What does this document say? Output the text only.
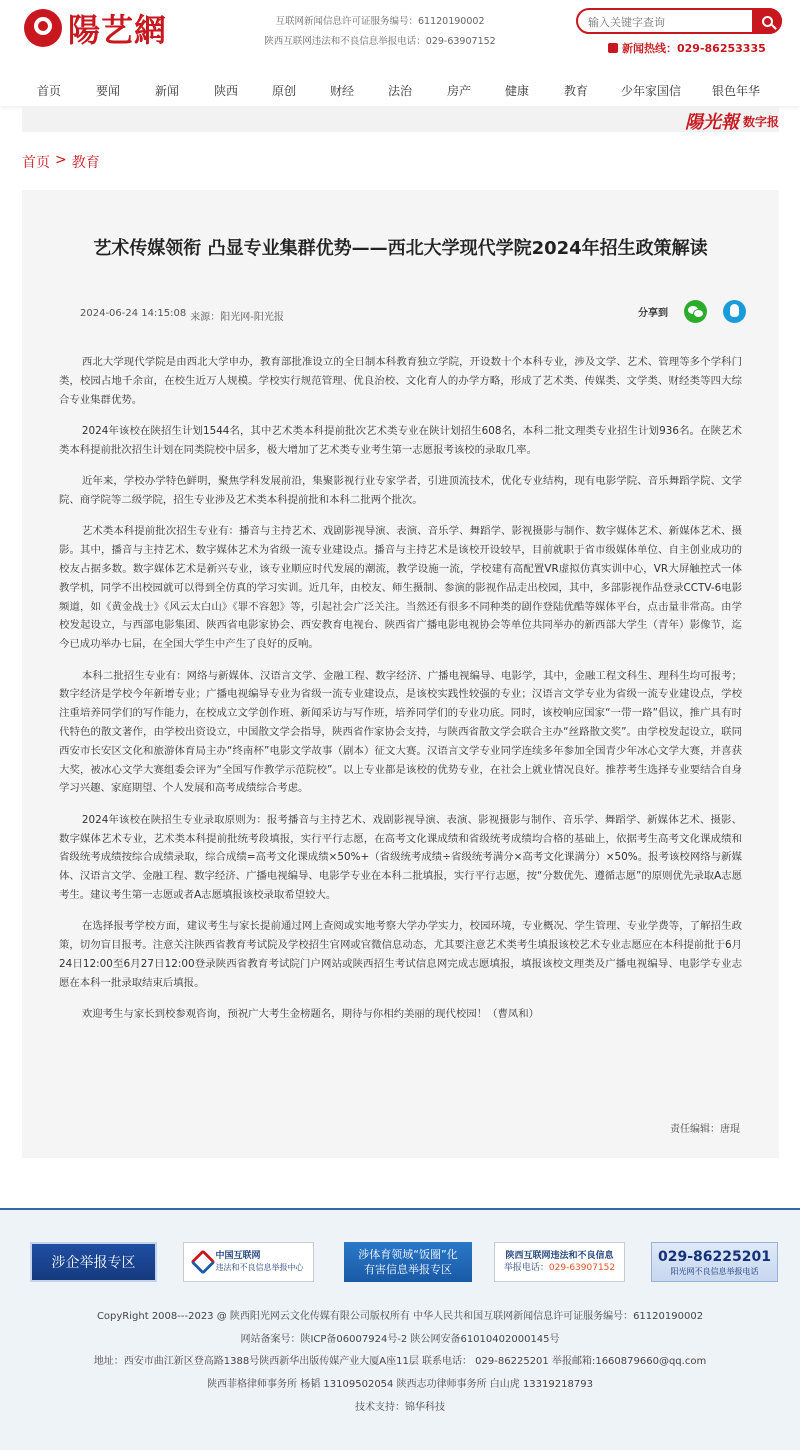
陽艺網	互联网新闻信息许可证服务编号：61120190002
陕西互联网违法和不良信息举报电话：029-63907152
输入关键字查询
新闻热线：029-86253335
首页	要闻	新闻	陕西	原创	财经	法治	房产	健康	教育	少年家国信	银色年华
陽光報 数字报
首页 > 教育
艺术传媒领衔 凸显专业集群优势——西北大学现代学院2024年招生政策解读
2024-06-24 14:15:08 来源：阳光网-阳光报	分享到

西北大学现代学院是由西北大学申办，教育部批准设立的全日制本科教育独立学院，开设数十个本科专业，涉及文学、艺术、管理等多个学科门类，校园占地千余亩，在校生近万人规模。学校实行规范管理、优良治校、文化育人的办学方略，形成了艺术类、传媒类、文学类、财经类等四大综合专业集群优势。

2024年该校在陕招生计划1544名，其中艺术类本科提前批次艺术类专业在陕计划招生608名，本科二批文理类专业招生计划936名。在陕艺术类本科提前批次招生计划在同类院校中居多，极大增加了艺术类专业考生第一志愿报考该校的录取几率。

近年来，学校办学特色鲜明，聚焦学科发展前沿，集聚影视行业专家学者，引进顶流技术，优化专业结构，现有电影学院、音乐舞蹈学院、文学院、商学院等二级学院，招生专业涉及艺术类本科提前批和本科二批两个批次。

艺术类本科提前批次招生专业有：播音与主持艺术、戏剧影视导演、表演、音乐学、舞蹈学、影视摄影与制作、数字媒体艺术、新媒体艺术、摄影。其中，播音与主持艺术、数字媒体艺术为省级一流专业建设点。播音与主持艺术是该校开设较早，目前就职于省市级媒体单位、自主创业成功的校友占据多数。数字媒体艺术是新兴专业，该专业顺应时代发展的潮流，教学设施一流，学校建有高配置VR虚拟仿真实训中心，VR大屏触控式一体教学机，同学不出校园就可以得到全仿真的学习实训。近几年，由校友、师生摄制、参演的影视作品走出校园，其中，多部影视作品登录CCTV-6电影频道，如《黄金战士》《风云太白山》《罪不容恕》等，引起社会广泛关注。当然还有很多不同种类的剧作登陆优酷等媒体平台，点击量非常高。由学校发起设立，与西部电影集团、陕西省电影家协会、西安教育电视台、陕西省广播电影电视协会等单位共同举办的新西部大学生（青年）影像节，迄今已成功举办七届，在全国大学生中产生了良好的反响。

本科二批招生专业有：网络与新媒体、汉语言文学、金融工程、数字经济、广播电视编导、电影学，其中，金融工程文科生、理科生均可报考；数字经济是学校今年新增专业；广播电视编导专业为省级一流专业建设点，是该校实践性较强的专业；汉语言文学专业为省级一流专业建设点，学校注重培养同学们的写作能力，在校成立文学创作班、新闻采访与写作班，培养同学们的专业功底。同时，该校响应国家“一带一路”倡议，推广具有时代特色的散文著作，由学校出资设立，中国散文学会指导，陕西省作家协会支持，与陕西省散文学会联合主办“丝路散文奖”。由学校发起设立，联同西安市长安区文化和旅游体育局主办“终南杯”电影文学故事（剧本）征文大赛。汉语言文学专业同学连续多年参加全国青少年冰心文学大赛，并喜获大奖，被冰心文学大赛组委会评为“全国写作教学示范院校”。以上专业都是该校的优势专业，在社会上就业情况良好。推荐考生选择专业要结合自身学习兴趣、家庭期望、个人发展和高考成绩综合考虑。

2024年该校在陕招生专业录取原则为：报考播音与主持艺术、戏剧影视导演、表演、影视摄影与制作、音乐学、舞蹈学、新媒体艺术、摄影、数字媒体艺术专业，艺术类本科提前批统考段填报，实行平行志愿，在高考文化课成绩和省级统考成绩均合格的基础上，依据考生高考文化课成绩和省级统考成绩按综合成绩录取，综合成绩=高考文化课成绩×50%+（省级统考成绩÷省级统考满分×高考文化课满分）×50%。报考该校网络与新媒体、汉语言文学、金融工程、数字经济、广播电视编导、电影学专业在本科二批填报，实行平行志愿，按“分数优先、遵循志愿”的原则优先录取A志愿考生。建议考生第一志愿或者A志愿填报该校录取希望较大。

在选择报考学校方面，建议考生与家长提前通过网上查阅或实地考察大学办学实力，校园环境，专业概况、学生管理、专业学费等，了解招生政策，切勿盲目报考。注意关注陕西省教育考试院及学校招生官网或官微信息动态，尤其要注意艺术类考生填报该校艺术专业志愿应在本科提前批于6月24日12:00至6月27日12:00登录陕西省教育考试院门户网站或陕西招生考试信息网完成志愿填报，填报该校文理类及广播电视编导、电影学专业志愿在本科一批录取结束后填报。

欢迎考生与家长到校参观咨询，预祝广大考生金榜题名，期待与你相约美丽的现代校园！（曹凤和）

责任编辑：唐琨
涉企举报专区	中国互联网
违法和不良信息举报中心
涉体育领域“饭圈”化
有害信息举报专区
陕西互联网违法和不良信息
举报电话：029-63907152
029-86225201
阳光网不良信息举报电话
CopyRight 2008---2023 @ 陕西阳光网云文化传媒有限公司版权所有 中华人民共和国互联网新闻信息许可证服务编号：61120190002
网站备案号：陕ICP备06007924号-2 陕公网安备61010402000145号
地址：西安市曲江新区登高路1388号陕西新华出版传媒产业大厦A座11层 联系电话： 029-86225201 举报邮箱:1660879660@qq.com
陕西菲格律师事务所 杨韬 13109502054 陕西志功律师事务所 白山虎 13319218793
技术支持：锦华科技
